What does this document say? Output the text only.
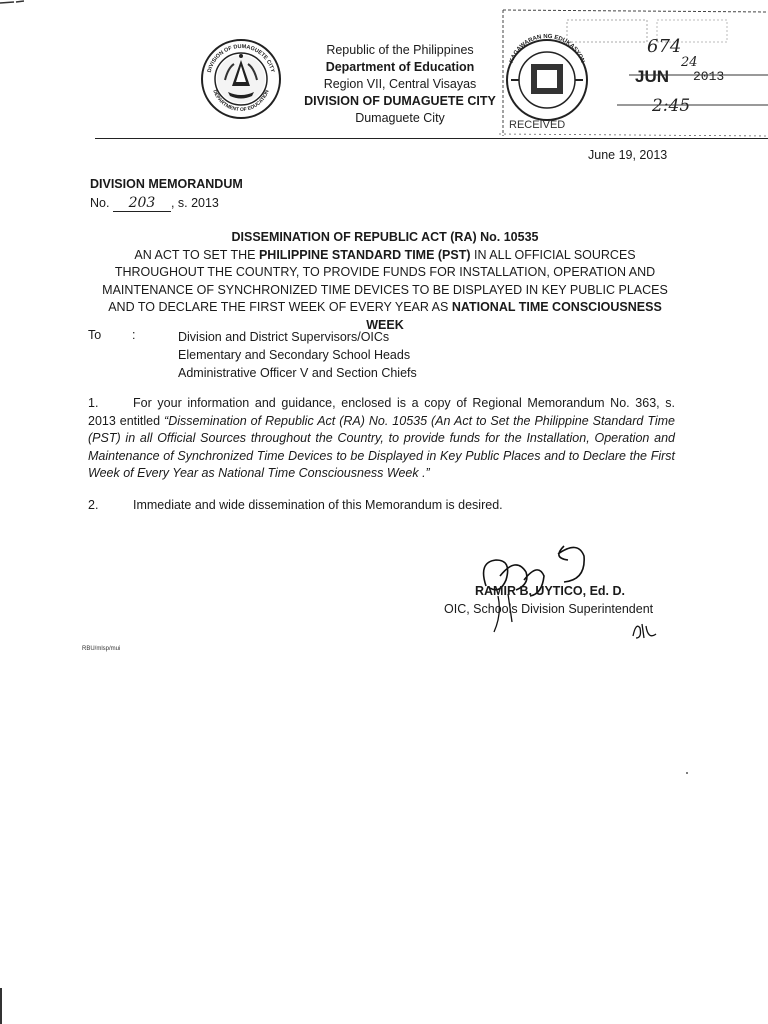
DIVISION OF DUMAGUETE CITY
DEPARTMENT OF EDUCATION
Republic of the Philippines
Department of Education
Region VII, Central Visayas
DIVISION OF DUMAGUETE CITY
Dumaguete City
KAGAWARAN NG EDUKASYON
RECEIVED
674
JUN
24
2013
2:45
June 19, 2013
DIVISION MEMORANDUM
No. 203 , s. 2013
DISSEMINATION OF REPUBLIC ACT (RA) No. 10535
AN ACT TO SET THE PHILIPPINE STANDARD TIME (PST) IN ALL OFFICIAL SOURCES
THROUGHOUT THE COUNTRY, TO PROVIDE FUNDS FOR INSTALLATION, OPERATION AND
MAINTENANCE OF SYNCHRONIZED TIME DEVICES TO BE DISPLAYED IN KEY PUBLIC PLACES
AND TO DECLARE THE FIRST WEEK OF EVERY YEAR AS NATIONAL TIME CONSCIOUSNESS WEEK
To :	Division and District Supervisors/OICs
Elementary and Secondary School Heads
Administrative Officer V and Section Chiefs
1.	For your information and guidance, enclosed is a copy of Regional Memorandum No. 363, s. 2013 entitled “Dissemination of Republic Act (RA) No. 10535 (An Act to Set the Philippine Standard Time (PST) in all Official Sources throughout the Country, to provide funds for the Installation, Operation and Maintenance of Synchronized Time Devices to be Displayed in Key Public Places and to Declare the First Week of Every Year as National Time Consciousness Week .”
2.	Immediate and wide dissemination of this Memorandum is desired.
RAMIR B. UYTICO, Ed. D.
OIC, Schools Division Superintendent
RBU/mlsp/mui
